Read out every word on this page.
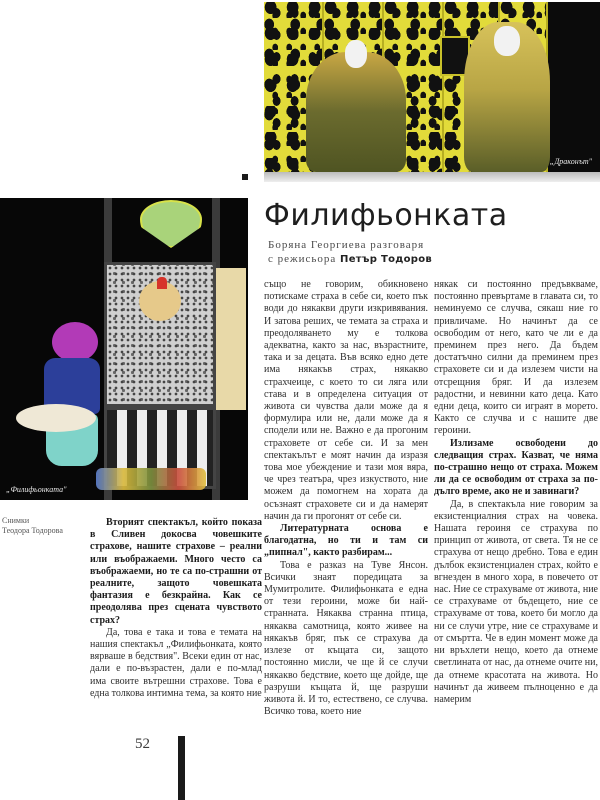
„Драконът"
„Филифьонката"
Снимки
Теодора Тодорова
Филифьонката
Боряна Георгиева разговаря
с режисьора Петър Тодоров

Вторият спектакъл, който показа в Сливен докосва човешките страхове, нашите страхове – реални или въображаеми. Много често са въображаеми, но те са по-страшни от реалните, защото човешката фантазия е безкрайна. Как се преодолява през сцената чувството страх?

Да, това е така и това е темата на нашия спектакъл „Филифьонката, която вярваше в бедствия". Всеки един от нас, дали е по-възрастен, дали е по-млад има своите вътрешни страхове. Това е една толкова интимна тема, за която ние

също не говорим, обикновено потискаме страха в себе си, което пък води до някакви други изкривявания. И затова реших, че темата за страха и преодоляването му е толкова адекватна, както за нас, възрастните, така и за децата. Във всяко едно дете има някакъв страх, някакво страхчеице, с което то си ляга или става и в определена ситуация от живота си чувства дали може да я формулира или не, дали може да я сподели или не. Важно е да прогоним страховете от себе си. И за мен спектакълът е моят начин да изразя това мое убеждение и тази моя вяра, че чрез театъра, чрез изкуството, ние можем да помогнем на хората да осъзнаят страховете си и да намерят начин да ги прогонят от себе си.

Литературната основа е благодатна, но ти и там си „пипнал", както разбирам...

Това е разказ на Туве Янсон. Всички знаят поредицата за Мумитролите. Филифьонката е една от тези героини, може би най-странната. Някаква странна птица, някаква самотница, която живее на някакъв бряг, пък се страхува да излезе от къщата си, защото постоянно мисли, че ще й се случи някакво бедствие, което ще дойде, ще разруши къщата й, ще разруши живота й. И то, естествено, се случва. Всичко това, което ние

някак си постоянно предъвкваме, постоянно превъртаме в главата си, то неминуемо се случва, сякаш ние го привличаме. Но начинът да се освободим от него, като че ли е да преминем през него. Да бъдем достатъчно силни да преминем през страховете си и да излезем чисти на отсрещния бряг. И да излезем радостни, и невинни като деца. Като едни деца, които си играят в морето. Както се случва и с нашите две героини.

Излизаме освободени до следващия страх. Казват, че няма по-страшно нещо от страха. Можем ли да се освободим от страха за по-дълго време, ако не и завинаги?

Да, в спектакъла ние говорим за екзистенциалния страх на човека. Нашата героиня се страхува по принцип от живота, от света. Тя не се страхува от нещо дребно. Това е един дълбок екзистенциален страх, който е вгнезден в много хора, в повечето от нас. Ние се страхуваме от живота, ние се страхуваме от бъдещето, ние се страхуваме от това, което би могло да ни се случи утре, ние се страхуваме и от смъртта. Че в един момент може да ни връхлети нещо, което да отнеме светлината от нас, да отнеме очите ни, да отнеме красотата на живота. Но начинът да живеем пълноценно е да намерим

52
